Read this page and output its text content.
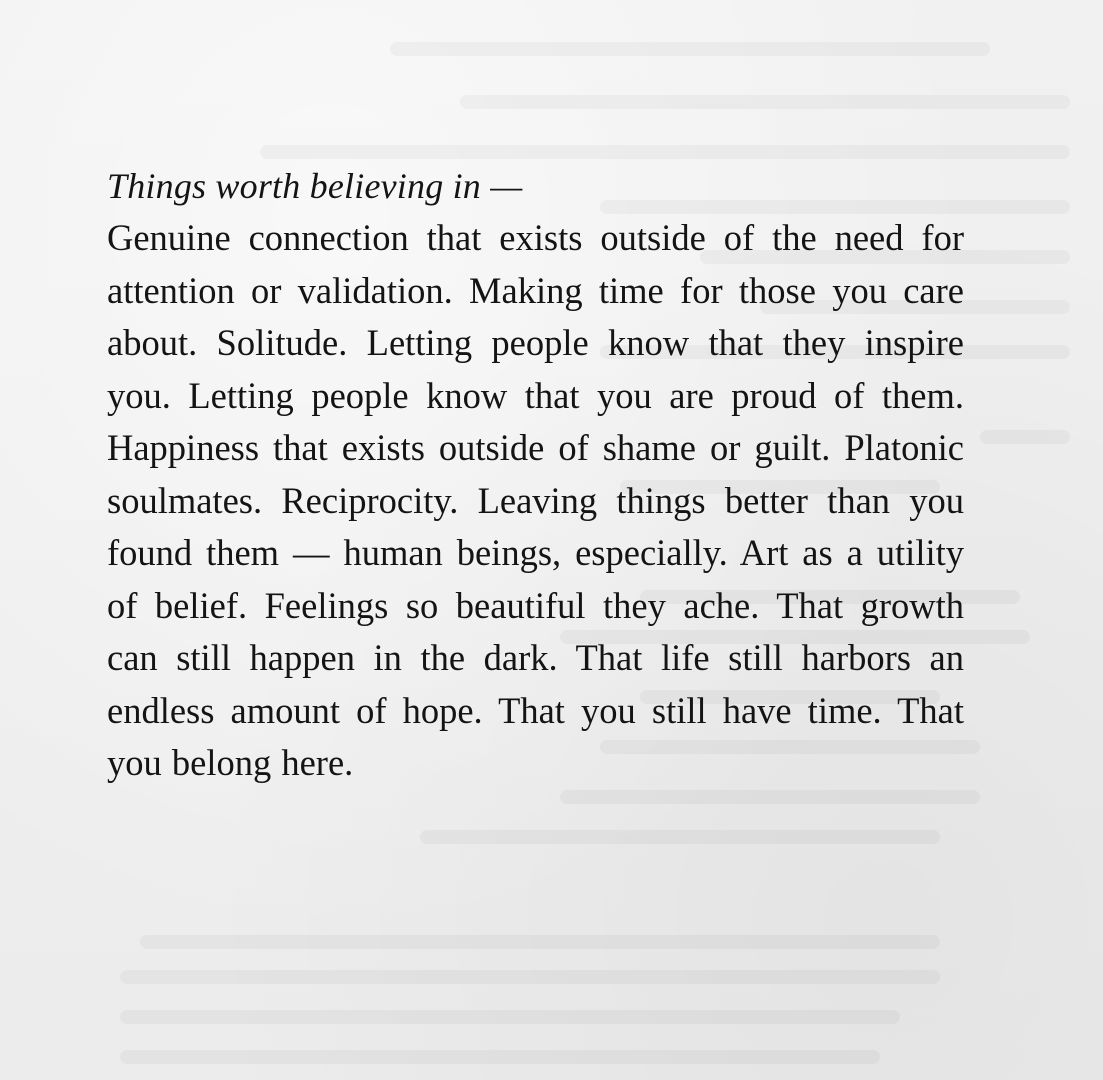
Things worth believing in —

Genuine connection that exists outside of the need for attention or validation. Making time for those you care about. Solitude. Letting people know that they inspire you. Letting people know that you are proud of them. Happiness that exists outside of shame or guilt. Platonic soulmates. Reciprocity. Leaving things better than you found them — human beings, especially. Art as a utility of belief. Feelings so beautiful they ache. That growth can still happen in the dark. That life still harbors an endless amount of hope. That you still have time. That you belong here.
